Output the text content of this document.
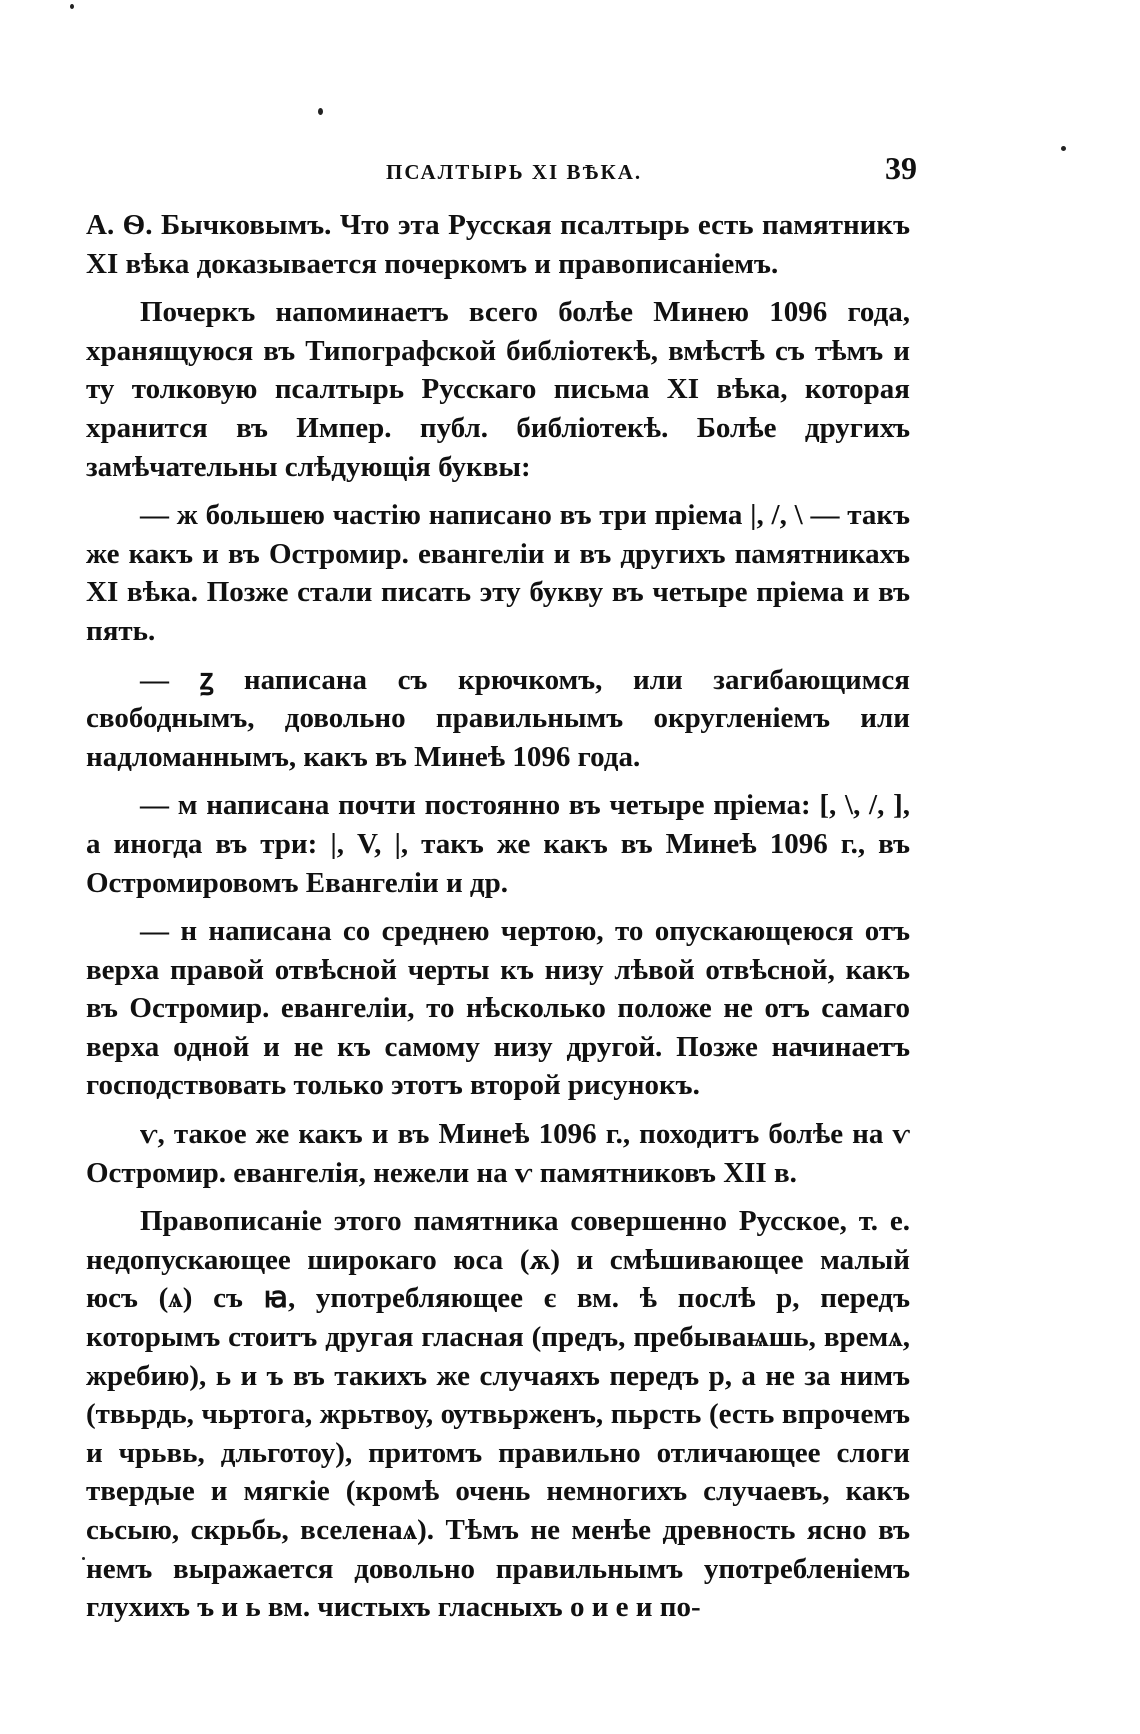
ПСАЛТЫРЬ XI ВѢКА.	39

А. Ѳ. Бычковымъ. Что эта Русская псалтырь есть памятникъ XI вѣка доказывается почеркомъ и правописаніемъ.

Почеркъ напоминаетъ всего болѣе Минею 1096 года, хранящуюся въ Типографской библіотекѣ, вмѣстѣ съ тѣмъ и ту толковую псалтырь Русскаго письма XI вѣка, которая хранится въ Импер. публ. библіотекѣ. Болѣе другихъ замѣчательны слѣдующія буквы:

— ж большею частію написано въ три пріема |, /, \ — такъ же какъ и въ Остромир. евангеліи и въ другихъ памятникахъ XI вѣка. Позже стали писать эту букву въ четыре пріема и въ пять.

— ꙁ написана съ крючкомъ, или загибающимся свободнымъ, довольно правильнымъ округленіемъ или надломаннымъ, какъ въ Минеѣ 1096 года.

— м написана почти постоянно въ четыре пріема: [, \, /, ], а иногда въ три: |, V, |, такъ же какъ въ Минеѣ 1096 г., въ Остромировомъ Евангеліи и др.

— н написана со среднею чертою, то опускающеюся отъ верха правой отвѣсной черты къ низу лѣвой отвѣсной, какъ въ Остромир. евангеліи, то нѣсколько положе не отъ самаго верха одной и не къ самому низу другой. Позже начинаетъ господствовать только этотъ второй рисунокъ.

ѵ, такое же какъ и въ Минеѣ 1096 г., походитъ болѣе на ѵ Остромир. евангелія, нежели на ѵ памятниковъ XII в.

Правописаніе этого памятника совершенно Русское, т. е. недопускающее широкаго юса (ѫ) и смѣшивающее малый юсъ (ѧ) съ ꙗ, употребляющее є вм. ѣ послѣ р, передъ которымъ стоитъ другая гласная (предъ, пребываѩшь, времѧ, жребию), ь и ъ въ такихъ же случаяхъ передъ р, а не за нимъ (твьрдь, чьртога, жрьтвоу, ѹтвьрженъ, пьрсть (есть впрочемъ и чрьвь, дльготоу), притомъ правильно отличающее слоги твердые и мягкіе (кромѣ очень немногихъ случаевъ, какъ сьсыю, скрьбь, вселенаѧ). Тѣмъ не менѣе древность ясно въ немъ выражается довольно правильнымъ употребленіемъ глухихъ ъ и ь вм. чистыхъ гласныхъ о и е и по-
